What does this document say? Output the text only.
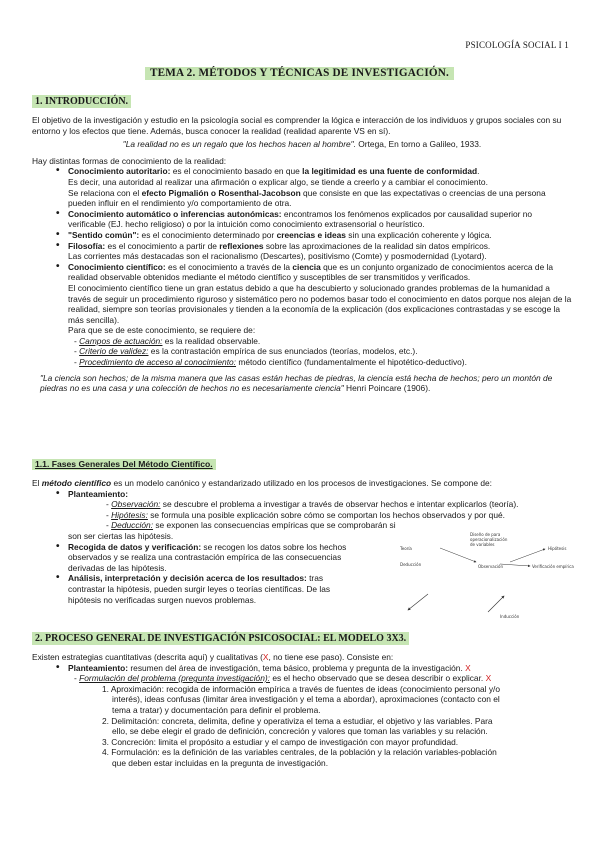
PSICOLOGÍA SOCIAL I 1
TEMA 2. MÉTODOS Y TÉCNICAS DE INVESTIGACIÓN.
1. INTRODUCCIÓN.

El objetivo de la investigación y estudio en la psicología social es comprender la lógica e interacción de los individuos y grupos sociales con su entorno y los efectos que tiene. Además, busca conocer la realidad (realidad aparente VS en sí).

"La realidad no es un regalo que los hechos hacen al hombre". Ortega, En torno a Galileo, 1933.

Hay distintas formas de conocimiento de la realidad:

• Conocimiento autoritario: es el conocimiento basado en que la legitimidad es una fuente de conformidad.
Es decir, una autoridad al realizar una afirmación o explicar algo, se tiende a creerlo y a cambiar el conocimiento.
Se relaciona con el efecto Pigmalión o Rosenthal-Jacobson que consiste en que las expectativas o creencias de una persona pueden influir en el rendimiento y/o comportamiento de otra.
• Conocimiento automático o inferencias autonómicas: encontramos los fenómenos explicados por causalidad superior no verificable (EJ. hecho religioso) o por la intuición como conocimiento extrasensorial o heurístico.
• "Sentido común": es el conocimiento determinado por creencias e ideas sin una explicación coherente y lógica.
• Filosofía: es el conocimiento a partir de reflexiones sobre las aproximaciones de la realidad sin datos empíricos.
Las corrientes más destacadas son el racionalismo (Descartes), positivismo (Comte) y posmodernidad (Lyotard).
• Conocimiento científico: es el conocimiento a través de la ciencia que es un conjunto organizado de conocimientos acerca de la realidad observable obtenidos mediante el método científico y susceptibles de ser transmitidos y verificados.
El conocimiento científico tiene un gran estatus debido a que ha descubierto y solucionado grandes problemas de la humanidad a través de seguir un procedimiento riguroso y sistemático pero no podemos basar todo el conocimiento en datos porque nos alejan de la realidad, siempre son teorías provisionales y tienden a la economía de la explicación (dos explicaciones contrastadas y se escoge la más sencilla).
Para que se de este conocimiento, se requiere de:
- Campos de actuación: es la realidad observable.
- Criterio de validez: es la contrastación empírica de sus enunciados (teorías, modelos, etc.).
- Procedimiento de acceso al conocimiento: método científico (fundamentalmente el hipotético-deductivo).

"La ciencia son hechos; de la misma manera que las casas están hechas de piedras, la ciencia está hecha de hechos; pero un montón de piedras no es una casa y una colección de hechos no es necesariamente ciencia" Henri Poincare (1906).

1.1. Fases Generales Del Método Científico.

El método científico es un modelo canónico y estandarizado utilizado en los procesos de investigaciones. Se compone de:

• Planteamiento:
- Observación: se descubre el problema a investigar a través de observar hechos e intentar explicarlos (teoría).
- Hipótesis: se formula una posible explicación sobre cómo se comportan los hechos observados y por qué.
- Deducción: se exponen las consecuencias empíricas que se comprobarán si
son ser ciertas las hipótesis.
• Recogida de datos y verificación: se recogen los datos sobre los hechos
observados y se realiza una contrastación empírica de las consecuencias
derivadas de las hipótesis.
• Análisis, interpretación y decisión acerca de los resultados: tras
contrastar la hipótesis, pueden surgir leyes o teorías científicas. De las
hipótesis no verificadas surgen nuevos problemas.
Diseño de para
operacionalización
de variables
Teoría
Deducción	Observación
Hipótesis
Verificación empírica
Inducción
2. PROCESO GENERAL DE INVESTIGACIÓN PSICOSOCIAL: EL MODELO 3X3.

Existen estrategias cuantitativas (descrita aquí) y cualitativas (X, no tiene ese paso). Consiste en:

• Planteamiento: resumen del área de investigación, tema básico, problema y pregunta de la investigación. X
- Formulación del problema (pregunta investigación): es el hecho observado que se desea describir o explicar. X
1. Aproximación: recogida de información empírica a través de fuentes de ideas (conocimiento personal y/o
interés), ideas confusas (limitar área investigación y el tema a abordar), aproximaciones (contacto con el
tema a tratar) y documentación para definir el problema.
2. Delimitación: concreta, delimita, define y operativiza el tema a estudiar, el objetivo y las variables. Para
ello, se debe elegir el grado de definición, concreción y valores que toman las variables y su relación.
3. Concreción: limita el propósito a estudiar y el campo de investigación con mayor profundidad.
4. Formulación: es la definición de las variables centrales, de la población y la relación variables-población
que deben estar incluidas en la pregunta de investigación.
